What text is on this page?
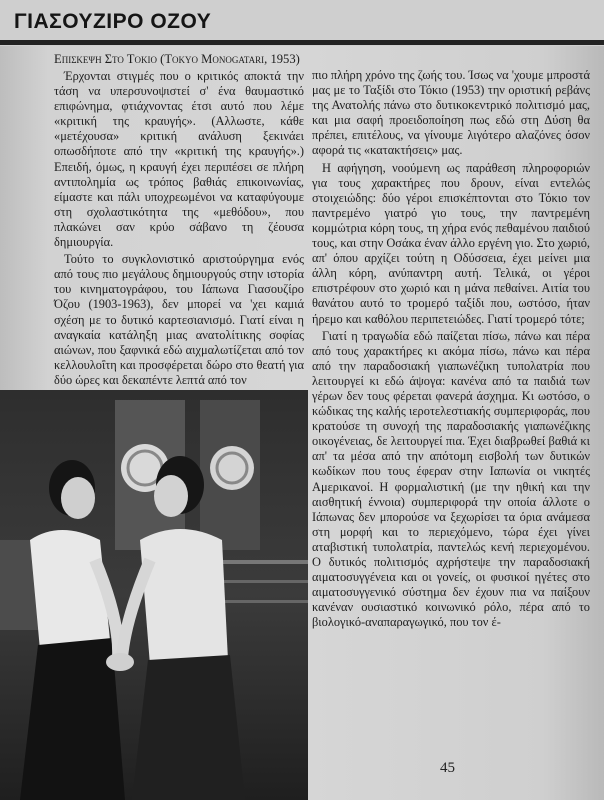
ΓΙΑΣΟΥΖΙΡΟ ΟΖΟΥ

Επισκεψη Στο Τοκιο (Tokyo Monogatari, 1953)

Έρχονται στιγμές που ο κριτικός αποκτά την τάση να υπερσυνοψιστεί σ' ένα θαυμαστικό επιφώνημα, φτιάχνοντας έτσι αυτό που λέμε «κριτική της κραυγής». (Αλλωστε, κάθε «μετέχουσα» κριτική ανάλυση ξεκινάει οπωσδήποτε από την «κριτική της κραυγής».) Επειδή, όμως, η κραυγή έχει περιπέσει σε πλήρη αντιπολημία ως τρόπος βαθιάς επικοινωνίας, είμαστε και πάλι υποχρεωμένοι να καταφύγουμε στη σχολαστικότητα της «μεθόδου», που πλακώνει σαν κρύο σάβανο τη ζέουσα δημιουργία.

Τούτο το συγκλονιστικό αριστούργημα ενός από τους πιο μεγάλους δημιουργούς στην ιστορία του κινηματογράφου, του Ιάπωνα Γιασουζίρο Όζου (1903-1963), δεν μπορεί να 'χει καμιά σχέση με το δυτικό καρτεσιανισμό. Γιατί είναι η αναγκαία κατάληξη μιας ανατολίτικης σοφίας αιώνων, που ξαφνικά εδώ αιχμαλωτίζεται από τον κελλουλοΐτη και προσφέρεται δώρο στο θεατή για δύο ώρες και δεκαπέντε λεπτά από τον

πιο πλήρη χρόνο της ζωής του. Ίσως να 'χουμε μπροστά μας με το Ταξίδι στο Τόκιο (1953) την οριστική ρεβάνς της Ανατολής πάνω στο δυτικοκεντρικό πολιτισμό μας, και μια σαφή προειδοποίηση πως εδώ στη Δύση θα πρέπει, επιτέλους, να γίνουμε λιγότερο αλαζόνες όσον αφορά τις «κατακτήσεις» μας.

Η αφήγηση, νοούμενη ως παράθεση πληροφοριών για τους χαρακτήρες που δρουν, είναι εντελώς στοιχειώδης: δύο γέροι επισκέπτονται στο Τόκιο τον παντρεμένο γιατρό γιο τους, την παντρεμένη κομμώτρια κόρη τους, τη χήρα ενός πεθαμένου παιδιού τους, και στην Οσάκα έναν άλλο εργένη γιο. Στο χωριό, απ' όπου αρχίζει τούτη η Οδύσσεια, έχει μείνει μια άλλη κόρη, ανύπαντρη αυτή. Τελικά, οι γέροι επιστρέφουν στο χωριό και η μάνα πεθαίνει. Αιτία του θανάτου αυτό το τρομερό ταξίδι που, ωστόσο, ήταν ήρεμο και καθόλου περιπετειώδες. Γιατί τρομερό τότε;

Γιατί η τραγωδία εδώ παίζεται πίσω, πάνω και πέρα από τους χαρακτήρες κι ακόμα πίσω, πάνω και πέρα από την παραδοσιακή γιαπωνέζικη τυπολατρία που λειτουργεί κι εδώ άψογα: κανένα από τα παιδιά των γέρων δεν τους φέρεται φανερά άσχημα. Κι ωστόσο, ο κώδικας της καλής ιεροτελεστιακής συμπεριφοράς, που κρατούσε τη συνοχή της παραδοσιακής γιαπωνέζικης οικογένειας, δε λειτουργεί πια. Έχει διαβρωθεί βαθιά κι απ' τα μέσα από την απότομη εισβολή των δυτικών κωδίκων που τους έφεραν στην Ιαπωνία οι νικητές Αμερικανοί. Η φορμαλιστική (με την ηθική και την αισθητική έννοια) συμπεριφορά την οποία άλλοτε ο Ιάπωνας δεν μπορούσε να ξεχωρίσει τα όρια ανάμεσα στη μορφή και το περιεχόμενο, τώρα έχει γίνει αταβιστική τυπολατρία, παντελώς κενή περιεχομένου. Ο δυτικός πολιτισμός αχρήστεψε την παραδοσιακή αιματοσυγγένεια και οι γονείς, οι φυσικοί ηγέτες στο αιματοσυγγενικό σύστημα δεν έχουν πια να παίξουν κανέναν ουσιαστικό κοινωνικό ρόλο, πέρα από το βιολογικό-αναπαραγωγικό, που τον έ-

45
